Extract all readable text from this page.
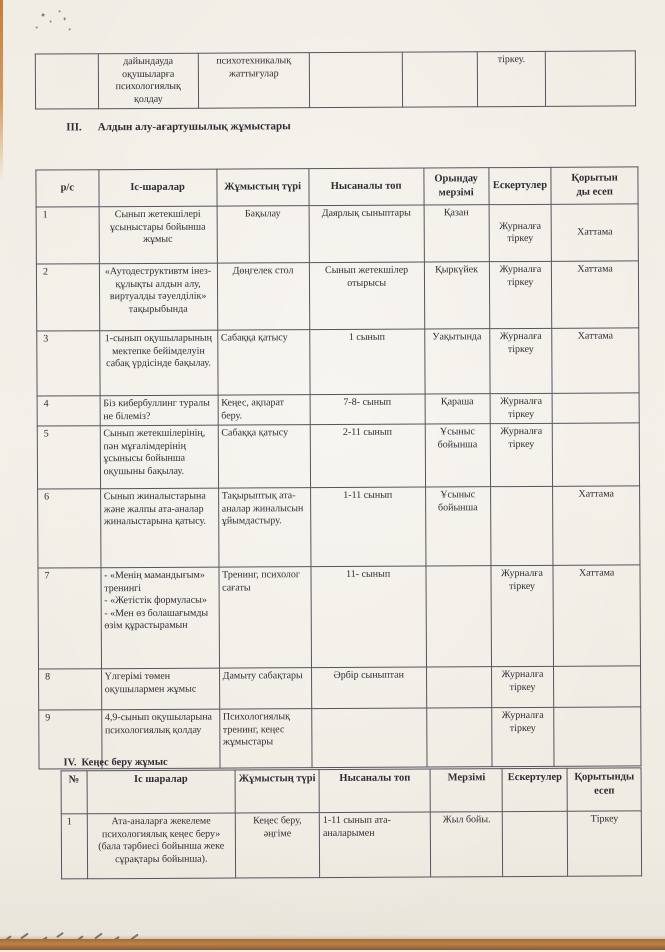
	дайындауда оқушыларға психологиялық қолдау	психотехникалық жаттығулар			тіркеу.	
III. Алдын алу-ағартушылық жұмыстары
р/с	Іс-шаралар	Жұмыстың түрі	Нысаналы топ	Орындау мерзімі	Ескертулер	Қорытын
ды есеп
1	Сынып жетекшілері ұсыныстары бойынша жұмыс	Бақылау	Даярлық сыныптары	Қазан	Журналға тіркеу	Хаттама
2	«Аутодеструктивтм інез-құлықты алдын алу, виртуалды тәуелділік» тақырыбында	Дөңгелек стол	Сынып жетекшілер отырысы	Қыркүйек	Журналға тіркеу	Хаттама
3	1-сынып оқушыларының мектепке бейімделуін сабақ үрдісінде бақылау.	Сабаққа қатысу	1 сынып	Уақытында	Журналға тіркеу	Хаттама
4	Біз кибербуллинг туралы не білеміз?	Кеңес, ақпарат беру.	7-8- сынып	Қараша	Журналға тіркеу	
5	Сынып жетекшілерінің, пән мұғалімдерінің ұсынысы бойынша оқушыны бақылау.	Сабаққа қатысу	2-11 сынып	Ұсыныс бойынша	Журналға тіркеу	
6	Сынып жиналыстарына және жалпы ата-аналар жиналыстарына қатысу.	Тақырыптық ата-аналар жиналысын ұйымдастыру.	1-11 сынып	Ұсыныс бойынша		Хаттама
7	- «Менің мамандығым» тренингі
- «Жетістік формуласы»
- «Мен өз болашағымды өзім құрастырамын	Тренинг, психолог сағаты	11- сынып		Журналға тіркеу	Хаттама
8	Үлгерімі төмен оқушылармен жұмыс	Дамыту сабақтары	Әрбір сыныптан		Журналға тіркеу	
9	4,9-сынып оқушыларына психологиялық қолдау	Психологиялық тренинг, кеңес жұмыстары			Журналға тіркеу	
IV. Кеңес беру жұмыс
№	Іс шаралар	Жұмыстың түрі	Нысаналы топ	Мерзімі	Ескертулер	Қорытынды есеп
1	Ата-аналарға жекелеме психологиялық кеңес беру» (бала тәрбиесі бойынша жеке сұрақтары бойынша).	Кеңес беру, әңгіме	1-11 сынып ата-аналарымен	Жыл бойы.		Тіркеу
